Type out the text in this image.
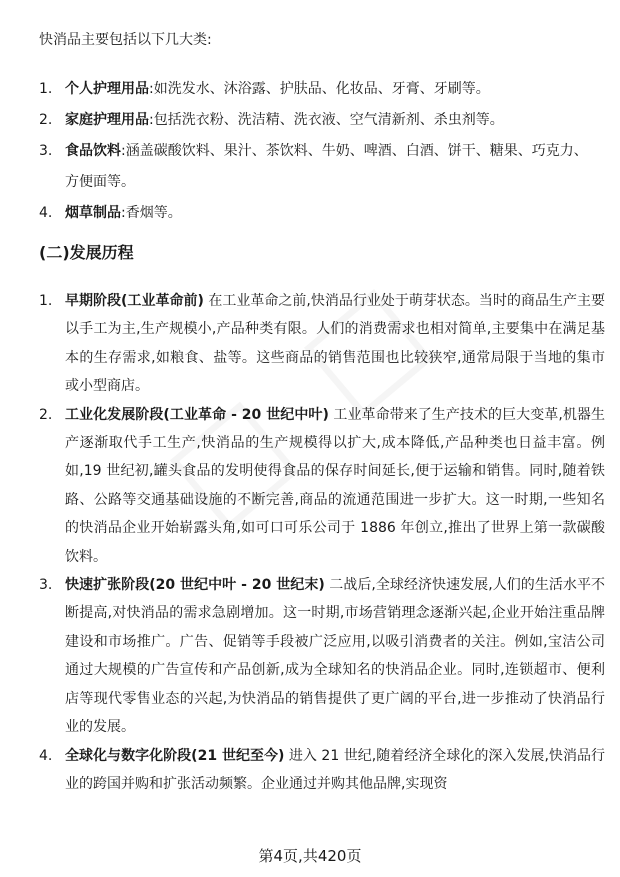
快消品主要包括以下几大类:
1. 个人护理用品:如洗发水、沐浴露、护肤品、化妆品、牙膏、牙刷等。
2. 家庭护理用品:包括洗衣粉、洗洁精、洗衣液、空气清新剂、杀虫剂等。
3. 食品饮料:涵盖碳酸饮料、果汁、茶饮料、牛奶、啤酒、白酒、饼干、糖果、巧克力、方便面等。
4. 烟草制品:香烟等。
(二)发展历程
1. 早期阶段(工业革命前) 在工业革命之前,快消品行业处于萌芽状态。当时的商品生产主要以手工为主,生产规模小,产品种类有限。人们的消费需求也相对简单,主要集中在满足基本的生存需求,如粮食、盐等。这些商品的销售范围也比较狭窄,通常局限于当地的集市或小型商店。
2. 工业化发展阶段(工业革命 - 20 世纪中叶) 工业革命带来了生产技术的巨大变革,机器生产逐渐取代手工生产,快消品的生产规模得以扩大,成本降低,产品种类也日益丰富。例如,19 世纪初,罐头食品的发明使得食品的保存时间延长,便于运输和销售。同时,随着铁路、公路等交通基础设施的不断完善,商品的流通范围进一步扩大。这一时期,一些知名的快消品企业开始崭露头角,如可口可乐公司于 1886 年创立,推出了世界上第一款碳酸饮料。
3. 快速扩张阶段(20 世纪中叶 - 20 世纪末) 二战后,全球经济快速发展,人们的生活水平不断提高,对快消品的需求急剧增加。这一时期,市场营销理念逐渐兴起,企业开始注重品牌建设和市场推广。广告、促销等手段被广泛应用,以吸引消费者的关注。例如,宝洁公司通过大规模的广告宣传和产品创新,成为全球知名的快消品企业。同时,连锁超市、便利店等现代零售业态的兴起,为快消品的销售提供了更广阔的平台,进一步推动了快消品行业的发展。
4. 全球化与数字化阶段(21 世纪至今) 进入 21 世纪,随着经济全球化的深入发展,快消品行业的跨国并购和扩张活动频繁。企业通过并购其他品牌,实现资
第4页,共420页
